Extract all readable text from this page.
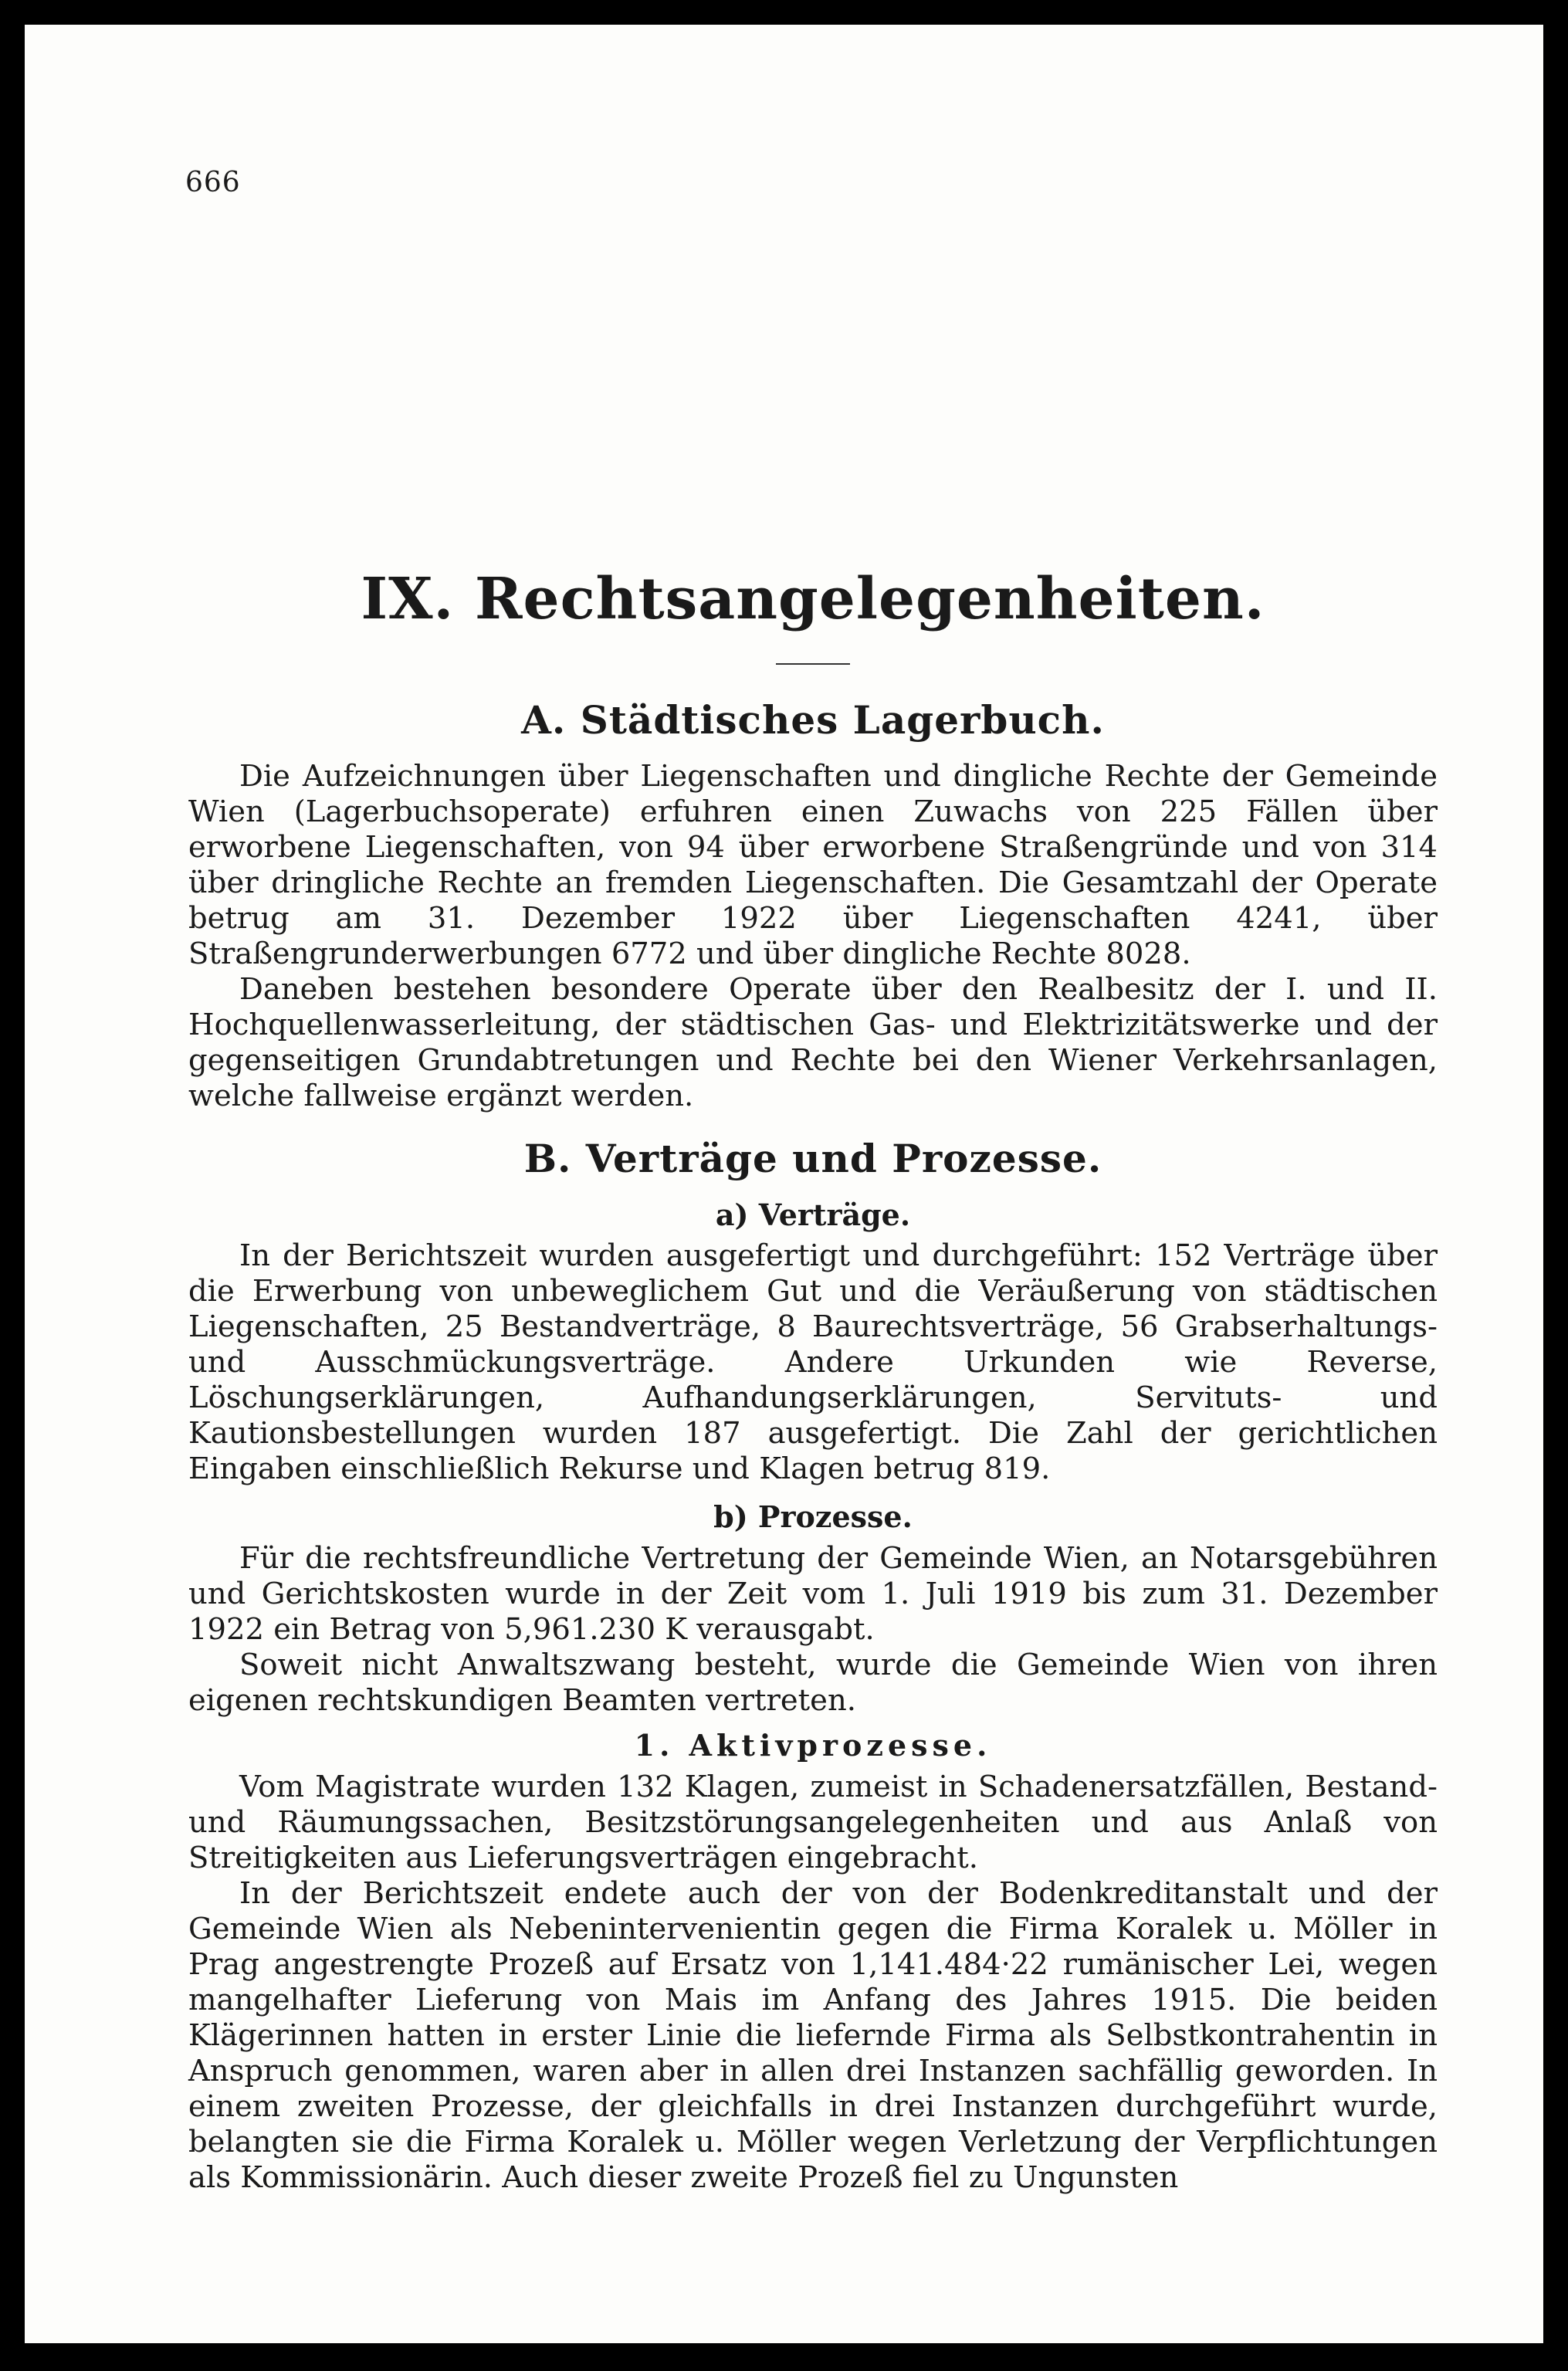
666
IX. Rechtsangelegenheiten.
A. Städtisches Lagerbuch.

Die Aufzeichnungen über Liegenschaften und dingliche Rechte der Gemeinde Wien (Lagerbuchsoperate) erfuhren einen Zuwachs von 225 Fällen über erworbene Liegenschaften, von 94 über erworbene Straßengründe und von 314 über dringliche Rechte an fremden Liegenschaften. Die Gesamtzahl der Operate betrug am 31. Dezember 1922 über Liegenschaften 4241, über Straßengrunderwerbungen 6772 und über dingliche Rechte 8028.

Daneben bestehen besondere Operate über den Realbesitz der I. und II. Hochquellenwasserleitung, der städtischen Gas- und Elektrizitätswerke und der gegenseitigen Grundabtretungen und Rechte bei den Wiener Verkehrsanlagen, welche fallweise ergänzt werden.

B. Verträge und Prozesse.
a) Verträge.

In der Berichtszeit wurden ausgefertigt und durchgeführt: 152 Verträge über die Erwerbung von unbeweglichem Gut und die Veräußerung von städtischen Liegenschaften, 25 Bestandverträge, 8 Baurechtsverträge, 56 Grabserhaltungs- und Ausschmückungsverträge. Andere Urkunden wie Reverse, Löschungserklärungen, Aufhandungserklärungen, Servituts- und Kautionsbestellungen wurden 187 ausgefertigt. Die Zahl der gerichtlichen Eingaben einschließlich Rekurse und Klagen betrug 819.

b) Prozesse.

Für die rechtsfreundliche Vertretung der Gemeinde Wien, an Notarsgebühren und Gerichtskosten wurde in der Zeit vom 1. Juli 1919 bis zum 31. Dezember 1922 ein Betrag von 5,961.230 K verausgabt.

Soweit nicht Anwaltszwang besteht, wurde die Gemeinde Wien von ihren eigenen rechtskundigen Beamten vertreten.

1. Aktivprozesse.

Vom Magistrate wurden 132 Klagen, zumeist in Schadenersatzfällen, Bestand- und Räumungssachen, Besitzstörungsangelegenheiten und aus Anlaß von Streitigkeiten aus Lieferungsverträgen eingebracht.

In der Berichtszeit endete auch der von der Bodenkreditanstalt und der Gemeinde Wien als Nebenintervenientin gegen die Firma Koralek u. Möller in Prag angestrengte Prozeß auf Ersatz von 1,141.484·22 rumänischer Lei, wegen mangelhafter Lieferung von Mais im Anfang des Jahres 1915. Die beiden Klägerinnen hatten in erster Linie die liefernde Firma als Selbstkontrahentin in Anspruch genommen, waren aber in allen drei Instanzen sachfällig geworden. In einem zweiten Prozesse, der gleichfalls in drei Instanzen durchgeführt wurde, belangten sie die Firma Koralek u. Möller wegen Verletzung der Verpflichtungen als Kommissionärin. Auch dieser zweite Prozeß fiel zu Ungunsten
